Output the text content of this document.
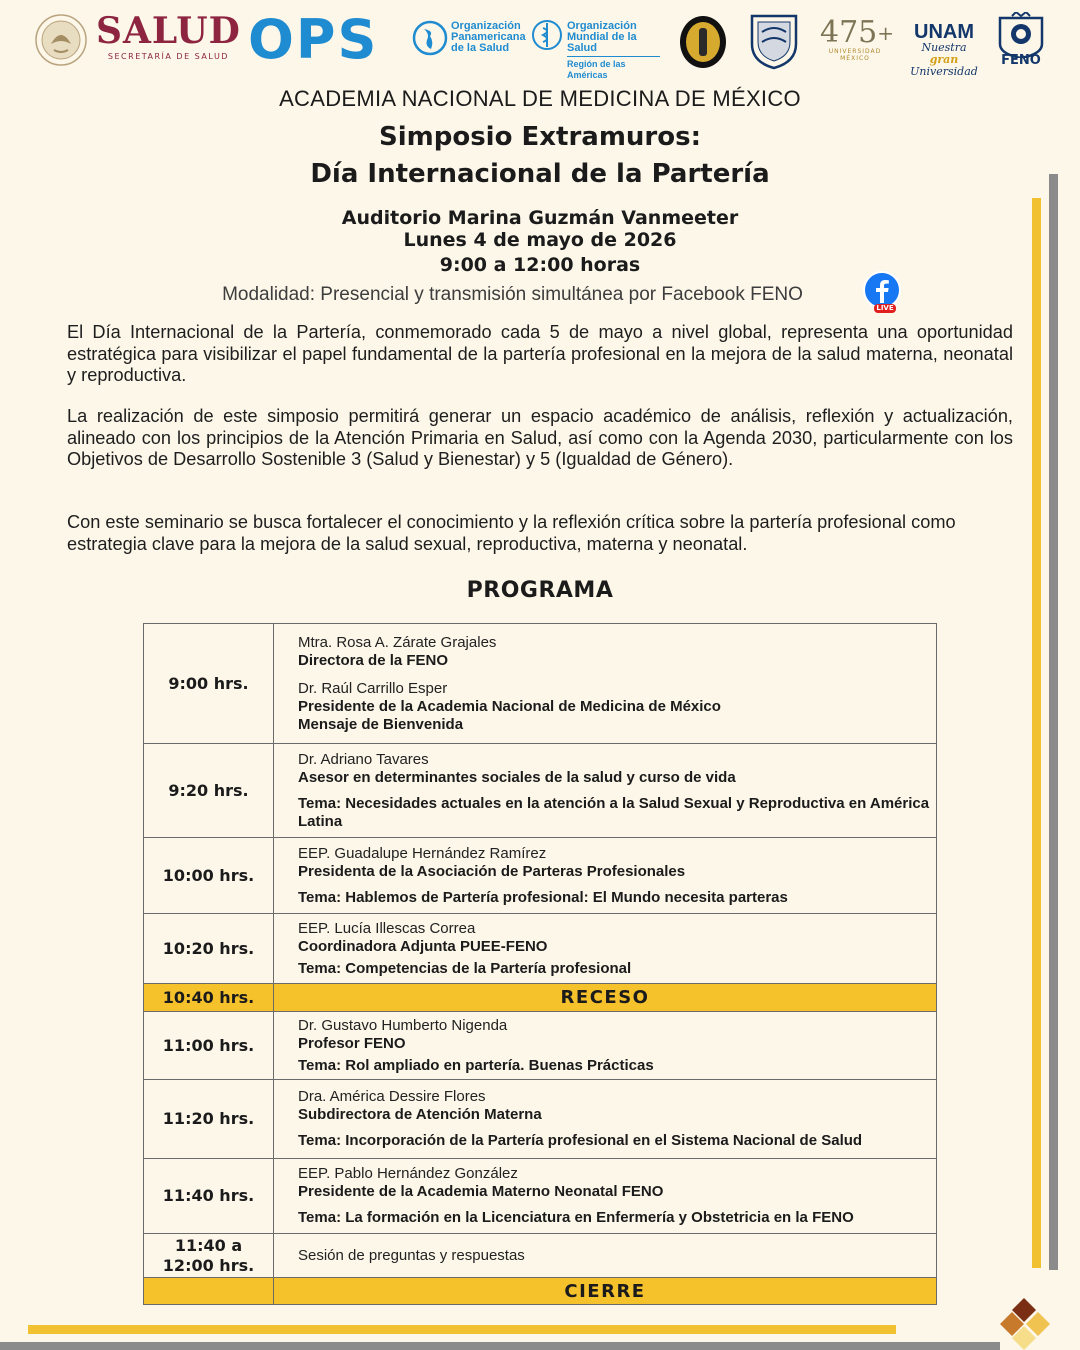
SALUD
SECRETARÍA DE SALUD OPS	Organización
Panamericana
de la Salud
Organización
Mundial de la Salud
Región de las Américas
475+
UNIVERSIDAD
MÉXICO
UNAM
Nuestra gran
Universidad
FENO
ACADEMIA NACIONAL DE MEDICINA DE MÉXICO
Simposio Extramuros:
Día Internacional de la Partería
Auditorio Marina Guzmán Vanmeeter
Lunes 4 de mayo de 2026
9:00 a 12:00 horas
Modalidad: Presencial y transmisión simultánea por Facebook FENO
LIVE
El Día Internacional de la Partería, conmemorado cada 5 de mayo a nivel global, representa una oportunidad estratégica para visibilizar el papel fundamental de la partería profesional en la mejora de la salud materna, neonatal y reproductiva.
La realización de este simposio permitirá generar un espacio académico de análisis, reflexión y actualización, alineado con los principios de la Atención Primaria en Salud, así como con la Agenda 2030, particularmente con los Objetivos de Desarrollo Sostenible 3 (Salud y Bienestar) y 5 (Igualdad de Género).
Con este seminario se busca fortalecer el conocimiento y la reflexión crítica sobre la partería profesional como estrategia clave para la mejora de la salud sexual, reproductiva, materna y neonatal.
PROGRAMA
9:00 hrs.	Mtra. Rosa A. Zárate Grajales
Directora de la FENO
Dr. Raúl Carrillo Esper
Presidente de la Academia Nacional de Medicina de México
Mensaje de Bienvenida

9:20 hrs.	Dr. Adriano Tavares
Asesor en determinantes sociales de la salud y curso de vida
Tema: Necesidades actuales en la atención a la Salud Sexual y Reproductiva en América Latina

10:00 hrs.	EEP. Guadalupe Hernández Ramírez
Presidenta de la Asociación de Parteras Profesionales
Tema: Hablemos de Partería profesional: El Mundo necesita parteras

10:20 hrs.	EEP. Lucía Illescas Correa
Coordinadora Adjunta PUEE-FENO
Tema: Competencias de la Partería profesional

10:40 hrs.	RECESO
11:00 hrs.	Dr. Gustavo Humberto Nigenda
Profesor FENO
Tema: Rol ampliado en partería. Buenas Prácticas

11:20 hrs.	Dra. América Dessire Flores
Subdirectora de Atención Materna
Tema: Incorporación de la Partería profesional en el Sistema Nacional de Salud

11:40 hrs.	EEP. Pablo Hernández González
Presidente de la Academia Materno Neonatal FENO
Tema: La formación en la Licenciatura en Enfermería y Obstetricia en la FENO

11:40 a
12:00 hrs.	Sesión de preguntas y respuestas

	CIERRE
